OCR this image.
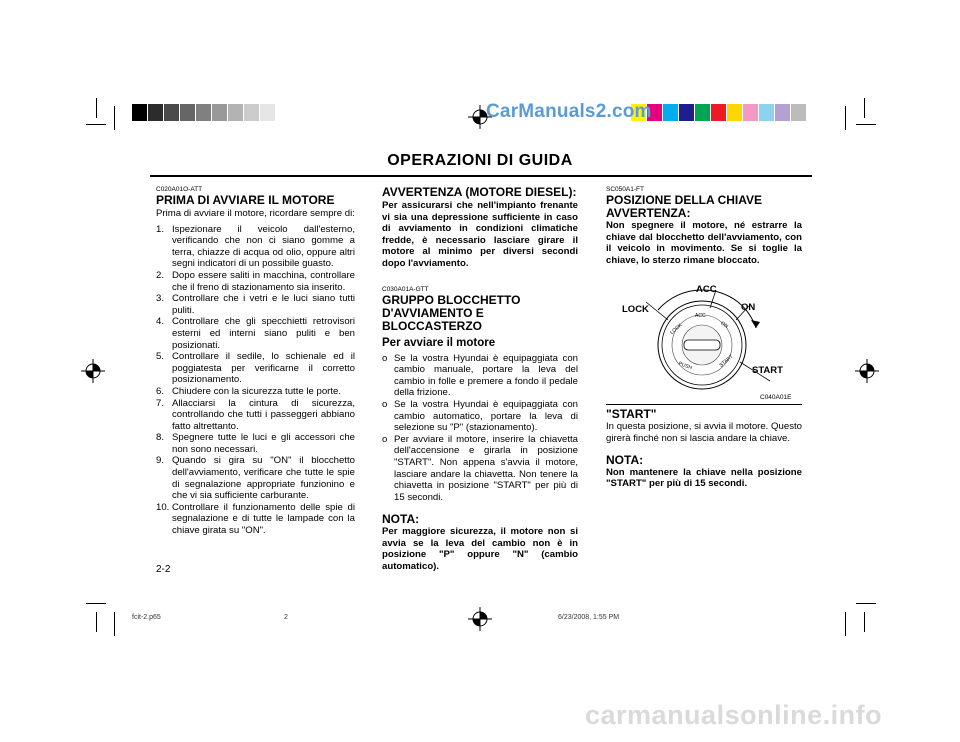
CarManuals2.com
OPERAZIONI DI GUIDA
C020A01O-ATT
PRIMA DI AVVIARE IL MOTORE
Prima di avviare il motore, ricordare sempre di:
1. Ispezionare il veicolo dall'esterno, verificando che non ci siano gomme a terra, chiazze di acqua od olio, oppure altri segni indicatori di un possibile guasto.
2. Dopo essere saliti in macchina, controllare che il freno di stazionamento sia inserito.
3. Controllare che i vetri e le luci siano tutti puliti.
4. Controllare che gli specchietti retrovisori esterni ed interni siano puliti e ben posizionati.
5. Controllare il sedile, lo schienale ed il poggiatesta per verificarne il corretto posizionamento.
6. Chiudere con la sicurezza tutte le porte.
7. Allacciarsi la cintura di sicurezza, controllando che tutti i passeggeri abbiano fatto altrettanto.
8. Spegnere tutte le luci e gli accessori che non sono necessari.
9. Quando si gira su "ON" il blocchetto dell'avviamento, verificare che tutte le spie di segnalazione appropriate funzionino e che vi sia sufficiente carburante.
10. Controllare il funzionamento delle spie di segnalazione e di tutte le lampade con la chiave girata su "ON".
AVVERTENZA (MOTORE DIESEL):
Per assicurarsi che nell'impianto frenante vi sia una depressione sufficiente in caso di avviamento in condizioni climatiche fredde, è necessario lasciare girare il motore al minimo per diversi secondi dopo l'avviamento.
C030A01A-GTT
GRUPPO BLOCCHETTO D'AVVIAMENTO E BLOCCASTERZO
Per avviare il motore
o Se la vostra Hyundai è equipaggiata con cambio manuale, portare la leva del cambio in folle e premere a fondo il pedale della frizione.
o Se la vostra Hyundai è equipaggiata con cambio automatico, portare la leva di selezione su "P" (stazionamento).
o Per avviare il motore, inserire la chiavetta dell'accensione e girarla in posizione "START". Non appena s'avvia il motore, lasciare andare la chiavetta. Non tenere la chiavetta in posizione "START" per più di 15 secondi.
NOTA:
Per maggiore sicurezza, il motore non si avvia se la leva del cambio non è in posizione "P" oppure "N" (cambio automatico).
SC050A1-FT
POSIZIONE DELLA CHIAVE
AVVERTENZA:
Non spegnere il motore, né estrarre la chiave dal blocchetto dell'avviamento, con il veicolo in movimento. Se si toglie la chiave, lo sterzo rimane bloccato.
LOCK
ACC
ON
START
LOCK
ACC
ON
START
PUSH
C040A01E
"START"
In questa posizione, si avvia il motore. Questo girerà finché non si lascia andare la chiave.
NOTA:
Non mantenere la chiave nella posizione "START" per più di 15 secondi.
2-2
fcit-2.p65	2	6/23/2008, 1:55 PM
carmanualsonline.info
